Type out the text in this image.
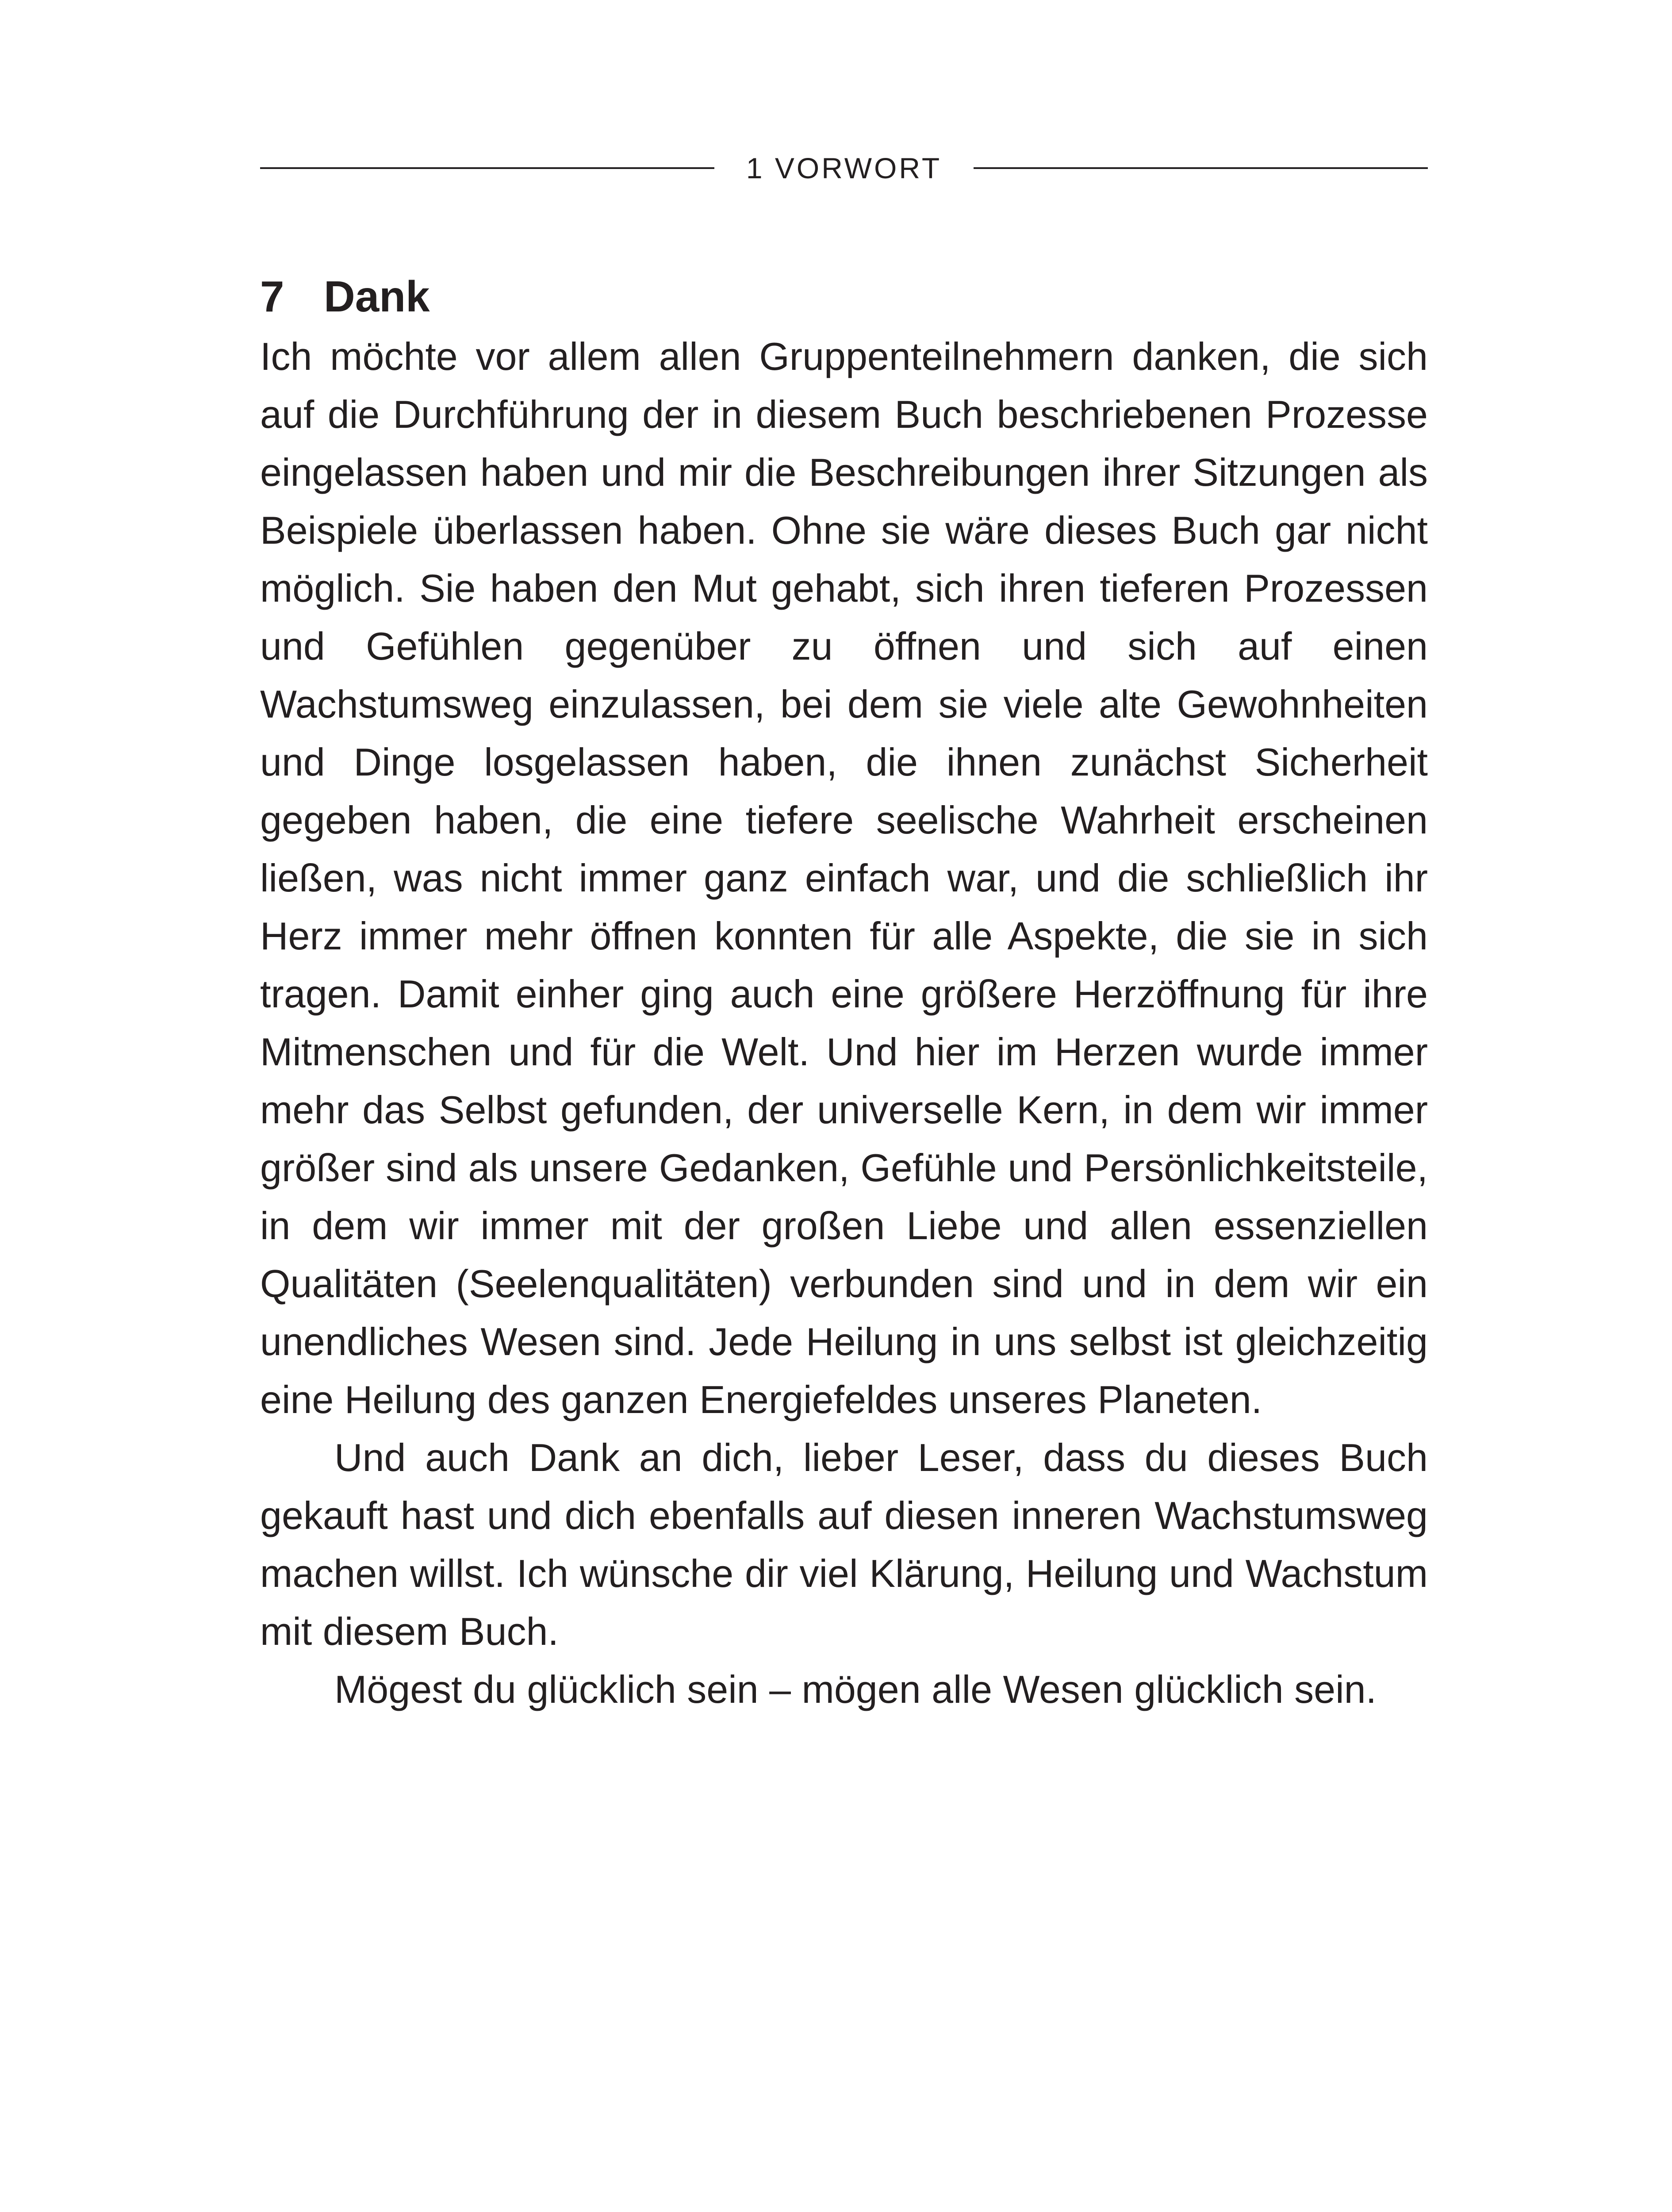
1 VORWORT
7 Dank

Ich möchte vor allem allen Gruppenteilnehmern danken, die sich auf die Durchführung der in diesem Buch beschriebenen Prozesse eingelassen haben und mir die Beschreibungen ihrer Sitzungen als Beispiele überlassen haben. Ohne sie wäre dieses Buch gar nicht möglich. Sie haben den Mut gehabt, sich ihren tieferen Prozessen und Gefühlen gegenüber zu öffnen und sich auf einen Wachstumsweg einzulassen, bei dem sie viele alte Gewohnheiten und Dinge losgelassen haben, die ihnen zunächst Sicherheit gegeben haben, die eine tiefere seelische Wahrheit erscheinen ließen, was nicht immer ganz einfach war, und die schließlich ihr Herz immer mehr öffnen konnten für alle Aspekte, die sie in sich tragen. Damit einher ging auch eine größere Herzöffnung für ihre Mitmenschen und für die Welt. Und hier im Herzen wurde immer mehr das Selbst gefunden, der universelle Kern, in dem wir immer größer sind als unsere Gedanken, Gefühle und Persönlichkeitsteile, in dem wir immer mit der großen Liebe und allen essenziellen Qualitäten (Seelenqualitäten) verbunden sind und in dem wir ein unendliches Wesen sind. Jede Heilung in uns selbst ist gleichzeitig eine Heilung des ganzen Energiefeldes unseres Planeten.

Und auch Dank an dich, lieber Leser, dass du dieses Buch gekauft hast und dich ebenfalls auf diesen inneren Wachstumsweg machen willst. Ich wünsche dir viel Klärung, Heilung und Wachstum mit diesem Buch.

Mögest du glücklich sein – mögen alle Wesen glücklich sein.
